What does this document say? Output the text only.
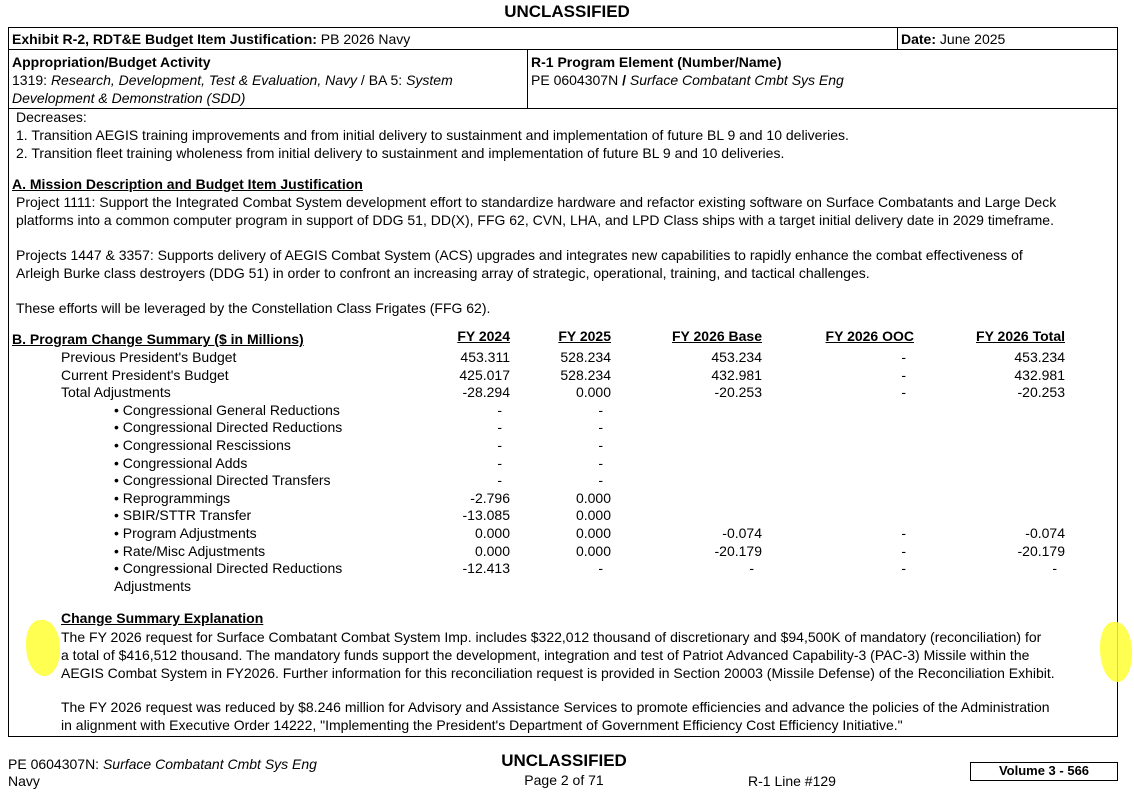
UNCLASSIFIED
Exhibit R-2, RDT&E Budget Item Justification: PB 2026 Navy	Date: June 2025
Appropriation/Budget Activity
1319: Research, Development, Test & Evaluation, Navy / BA 5: System
Development & Demonstration (SDD)
R-1 Program Element (Number/Name)
PE 0604307N / Surface Combatant Cmbt Sys Eng
Decreases:
1. Transition AEGIS training improvements and from initial delivery to sustainment and implementation of future BL 9 and 10 deliveries.
2. Transition fleet training wholeness from initial delivery to sustainment and implementation of future BL 9 and 10 deliveries.
A. Mission Description and Budget Item Justification
Project 1111: Support the Integrated Combat System development effort to standardize hardware and refactor existing software on Surface Combatants and Large Deck
platforms into a common computer program in support of DDG 51, DD(X), FFG 62, CVN, LHA, and LPD Class ships with a target initial delivery date in 2029 timeframe.
Projects 1447 & 3357: Supports delivery of AEGIS Combat System (ACS) upgrades and integrates new capabilities to rapidly enhance the combat effectiveness of
Arleigh Burke class destroyers (DDG 51) in order to confront an increasing array of strategic, operational, training, and tactical challenges.
These efforts will be leveraged by the Constellation Class Frigates (FFG 62).
B. Program Change Summary ($ in Millions)	FY 2024	FY 2025	FY 2026 Base	FY 2026 OOC	FY 2026 Total
Previous President's Budget	453.311	528.234	453.234	-	453.234
Current President's Budget	425.017	528.234	432.981	-	432.981
Total Adjustments	-28.294	0.000	-20.253	-	-20.253
• Congressional General Reductions	-	-
• Congressional Directed Reductions	-	-
• Congressional Rescissions	-	-
• Congressional Adds	-	-
• Congressional Directed Transfers	-	-
• Reprogrammings	-2.796	0.000
• SBIR/STTR Transfer	-13.085	0.000
• Program Adjustments	0.000	0.000	-0.074	-	-0.074
• Rate/Misc Adjustments	0.000	0.000	-20.179	-	-20.179
• Congressional Directed Reductions	-12.413	-	-	-	-
Adjustments
Change Summary Explanation
The FY 2026 request for Surface Combatant Combat System Imp. includes $322,012 thousand of discretionary and $94,500K of mandatory (reconciliation) for
a total of $416,512 thousand. The mandatory funds support the development, integration and test of Patriot Advanced Capability-3 (PAC-3) Missile within the
AEGIS Combat System in FY2026. Further information for this reconciliation request is provided in Section 20003 (Missile Defense) of the Reconciliation Exhibit.
The FY 2026 request was reduced by $8.246 million for Advisory and Assistance Services to promote efficiencies and advance the policies of the Administration
in alignment with Executive Order 14222, "Implementing the President's Department of Government Efficiency Cost Efficiency Initiative."
PE 0604307N: Surface Combatant Cmbt Sys Eng
Navy
UNCLASSIFIED
Page 2 of 71	R-1 Line #129
Volume 3 - 566
